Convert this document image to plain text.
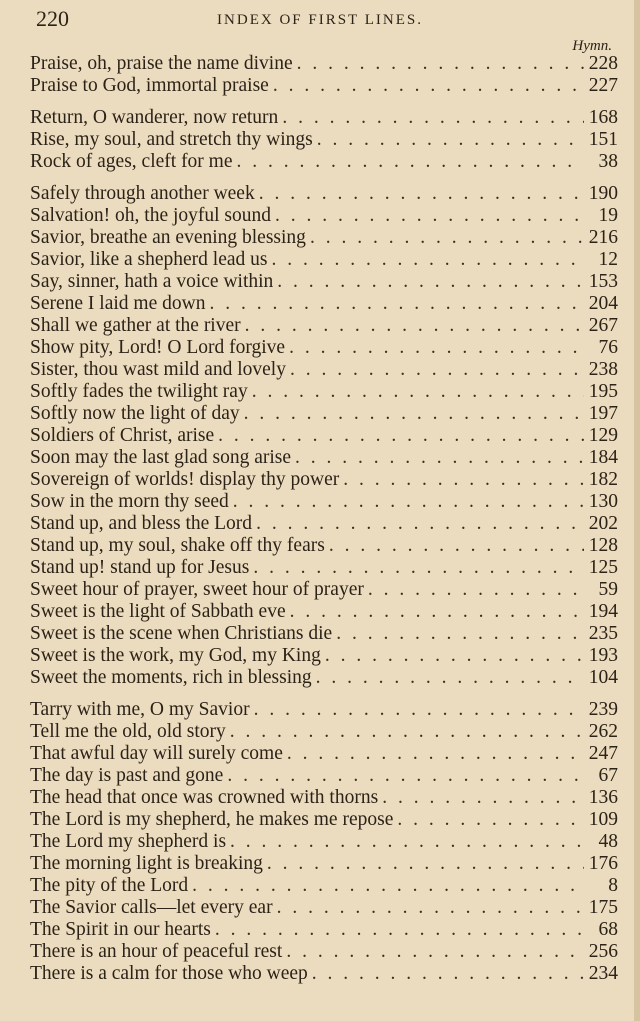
220	INDEX OF FIRST LINES.
Hymn.
Praise, oh, praise the name divine . . .	228
Praise to God, immortal praise . . .	227
Return, O wanderer, now return . . .	168
Rise, my soul, and stretch thy wings . . .	151
Rock of ages, cleft for me . . .	38
Safely through another week . . .	190
Salvation! oh, the joyful sound . . .	19
Savior, breathe an evening blessing . . .	216
Savior, like a shepherd lead us . . .	12
Say, sinner, hath a voice within . . .	153
Serene I laid me down . . .	204
Shall we gather at the river . . .	267
Show pity, Lord! O Lord forgive . . .	76
Sister, thou wast mild and lovely . . .	238
Softly fades the twilight ray . . .	195
Softly now the light of day . . .	197
Soldiers of Christ, arise . . .	129
Soon may the last glad song arise . . .	184
Sovereign of worlds! display thy power . . .	182
Sow in the morn thy seed . . .	130
Stand up, and bless the Lord . . .	202
Stand up, my soul, shake off thy fears . . .	128
Stand up! stand up for Jesus . . .	125
Sweet hour of prayer, sweet hour of prayer . . .	59
Sweet is the light of Sabbath eve . . .	194
Sweet is the scene when Christians die . . .	235
Sweet is the work, my God, my King . . .	193
Sweet the moments, rich in blessing . . .	104
Tarry with me, O my Savior . . .	239
Tell me the old, old story . . .	262
That awful day will surely come . . .	247
The day is past and gone . . .	67
The head that once was crowned with thorns . . .	136
The Lord is my shepherd, he makes me repose . . .	109
The Lord my shepherd is . . .	48
The morning light is breaking . . .	176
The pity of the Lord . . .	8
The Savior calls—let every ear . . .	175
The Spirit in our hearts . . .	68
There is an hour of peaceful rest . . .	256
There is a calm for those who weep . . .	234
